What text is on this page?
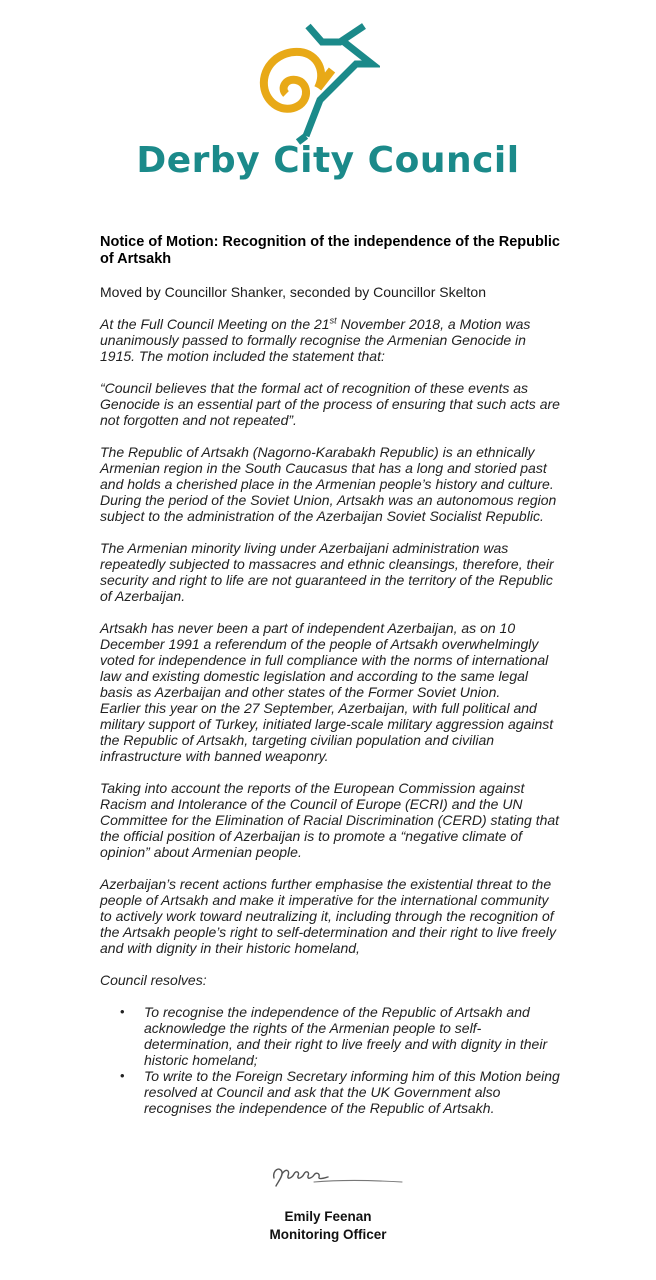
Derby City Council

Notice of Motion: Recognition of the independence of the Republic of Artsakh

Moved by Councillor Shanker, seconded by Councillor Skelton

At the Full Council Meeting on the 21st November 2018, a Motion was unanimously passed to formally recognise the Armenian Genocide in 1915. The motion included the statement that:

“Council believes that the formal act of recognition of these events as Genocide is an essential part of the process of ensuring that such acts are not forgotten and not repeated”.

The Republic of Artsakh (Nagorno-Karabakh Republic) is an ethnically Armenian region in the South Caucasus that has a long and storied past and holds a cherished place in the Armenian people’s history and culture. During the period of the Soviet Union, Artsakh was an autonomous region subject to the administration of the Azerbaijan Soviet Socialist Republic.

The Armenian minority living under Azerbaijani administration was repeatedly subjected to massacres and ethnic cleansings, therefore, their security and right to life are not guaranteed in the territory of the Republic of Azerbaijan.

Artsakh has never been a part of independent Azerbaijan, as on 10 December 1991 a referendum of the people of Artsakh overwhelmingly voted for independence in full compliance with the norms of international law and existing domestic legislation and according to the same legal basis as Azerbaijan and other states of the Former Soviet Union.

Earlier this year on the 27 September, Azerbaijan, with full political and military support of Turkey, initiated large-scale military aggression against the Republic of Artsakh, targeting civilian population and civilian infrastructure with banned weaponry.

Taking into account the reports of the European Commission against Racism and Intolerance of the Council of Europe (ECRI) and the UN Committee for the Elimination of Racial Discrimination (CERD) stating that the official position of Azerbaijan is to promote a “negative climate of opinion” about Armenian people.

Azerbaijan’s recent actions further emphasise the existential threat to the people of Artsakh and make it imperative for the international community to actively work toward neutralizing it, including through the recognition of the Artsakh people’s right to self-determination and their right to live freely and with dignity in their historic homeland,

Council resolves:

• To recognise the independence of the Republic of Artsakh and acknowledge the rights of the Armenian people to self-determination, and their right to live freely and with dignity in their historic homeland;
• To write to the Foreign Secretary informing him of this Motion being resolved at Council and ask that the UK Government also recognises the independence of the Republic of Artsakh.
Emily Feenan
Monitoring Officer
